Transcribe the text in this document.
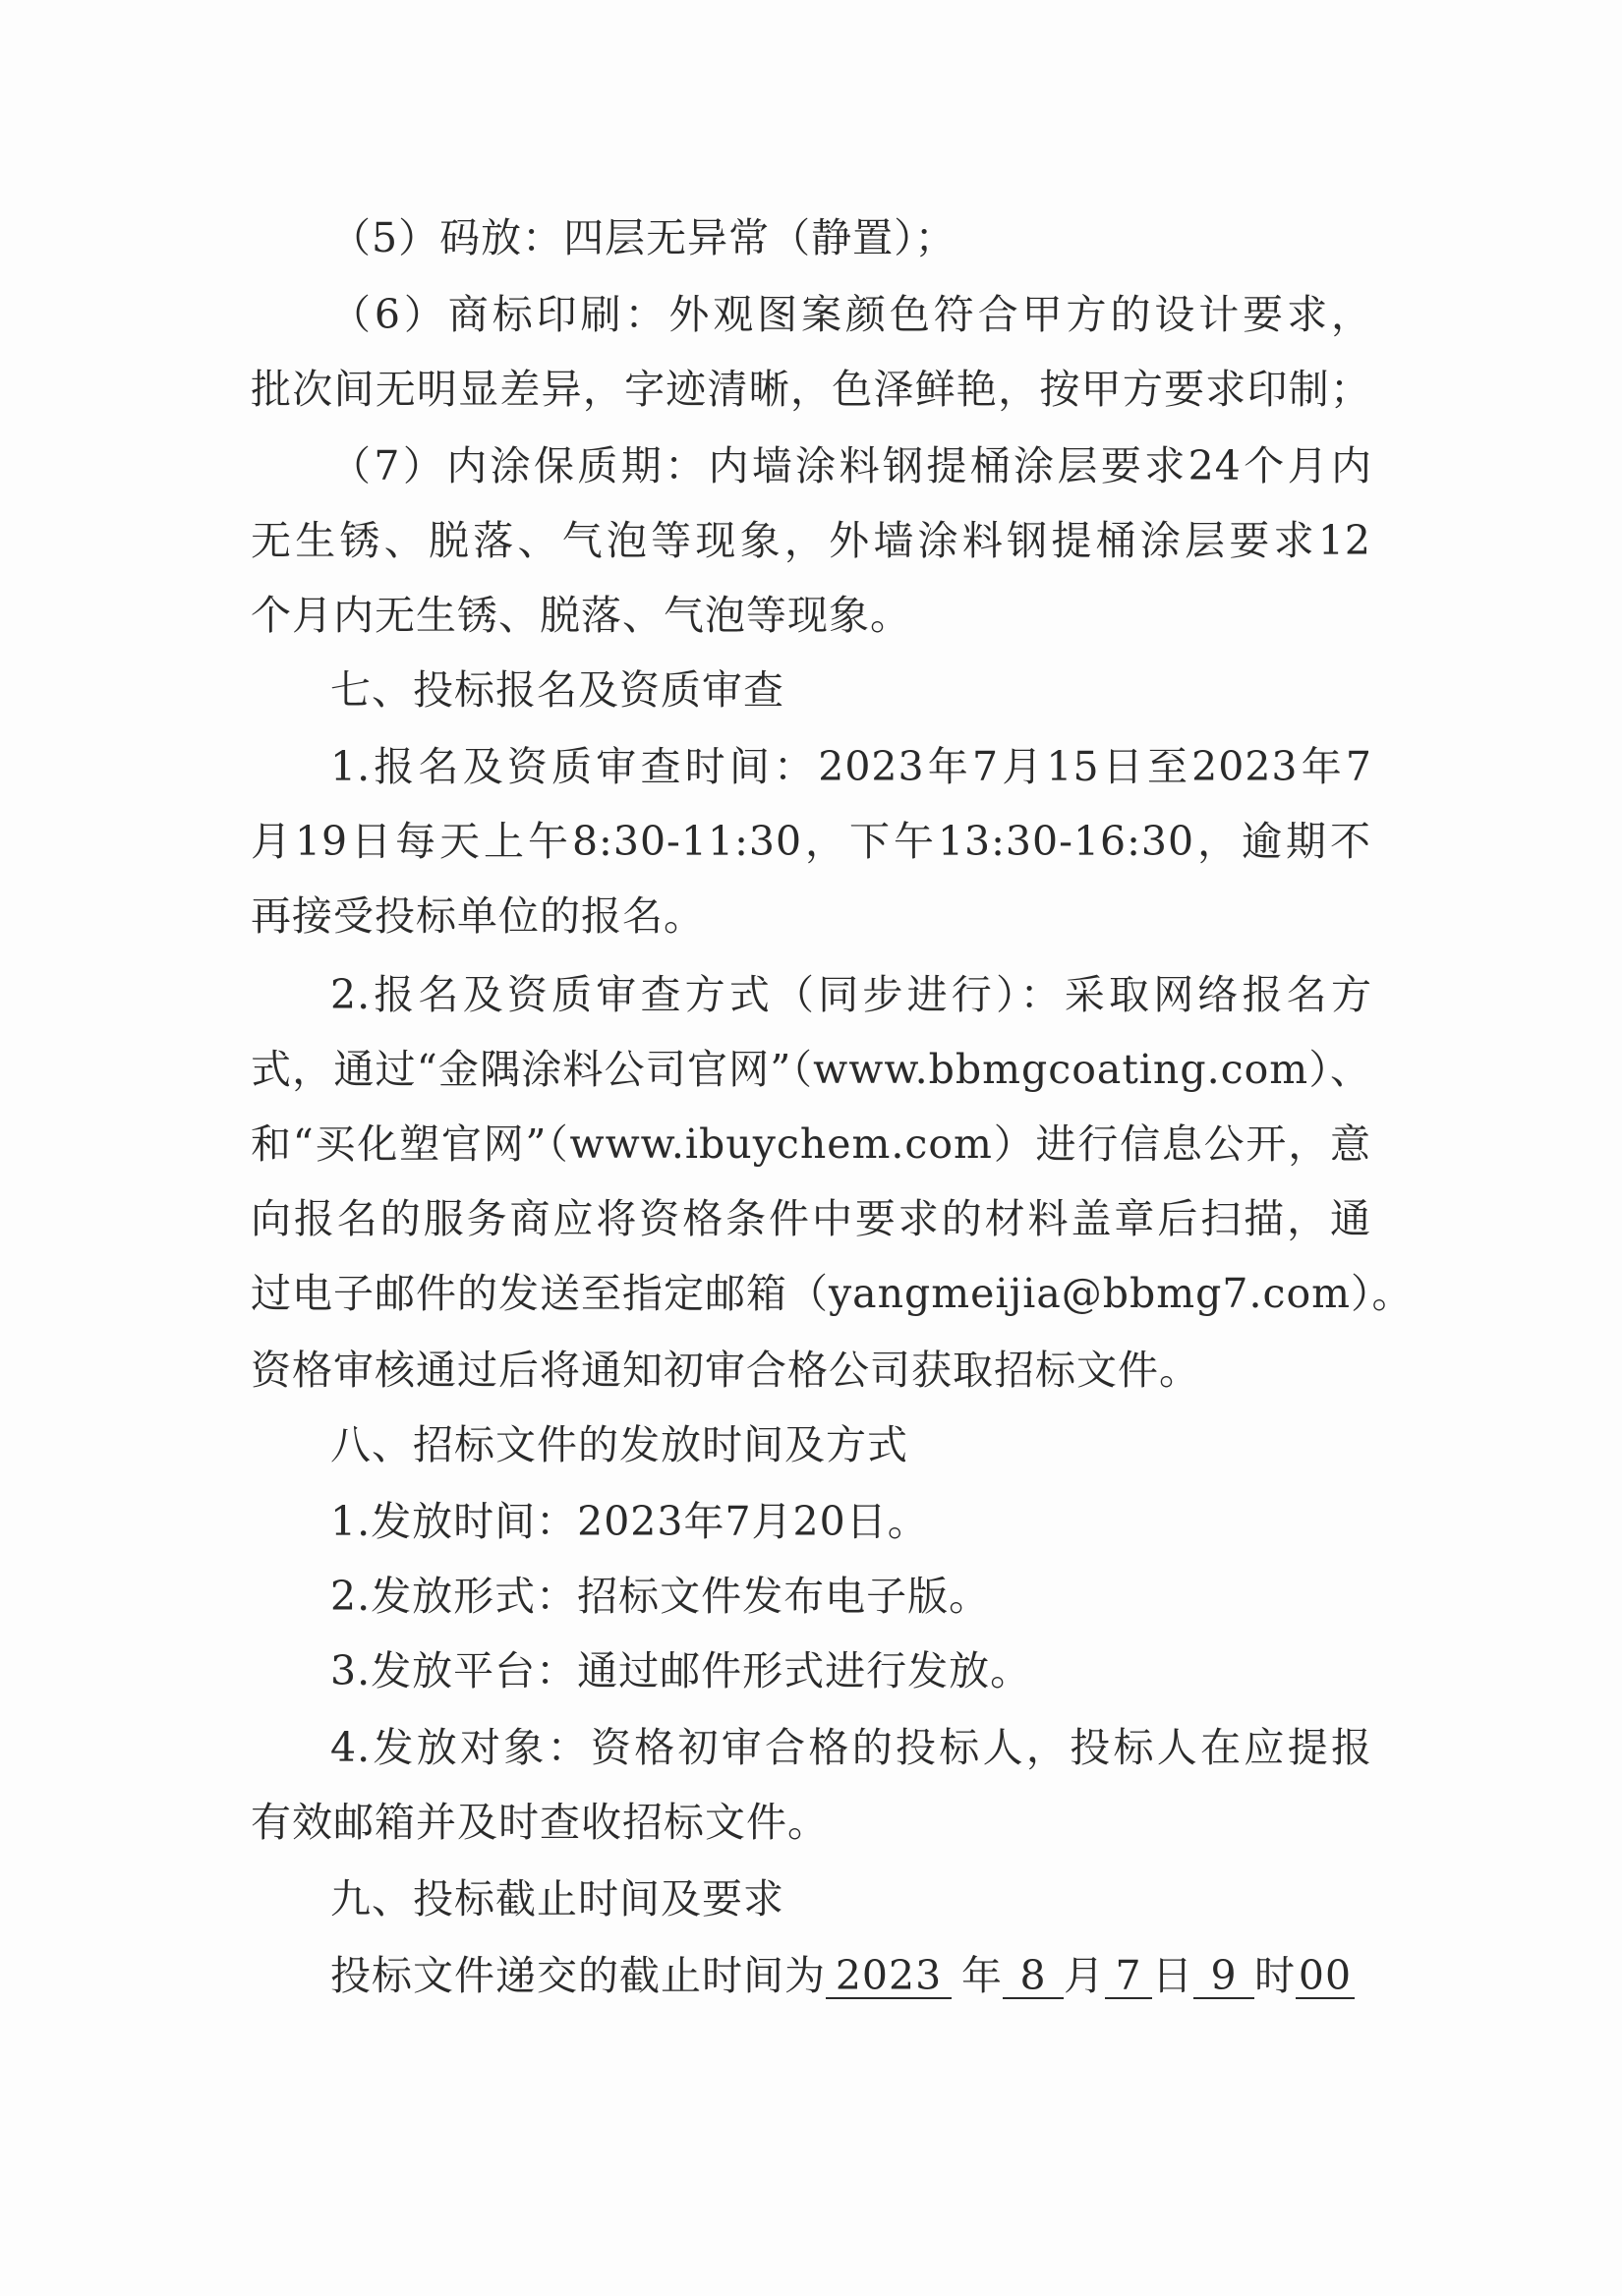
（5）码放：四层无异常（静置）；
（6）商标印刷：外观图案颜色符合甲方的设计要求，
批次间无明显差异，字迹清晰，色泽鲜艳，按甲方要求印制；
（7）内涂保质期：内墙涂料钢提桶涂层要求24个月内
无生锈、脱落、气泡等现象，外墙涂料钢提桶涂层要求12
个月内无生锈、脱落、气泡等现象。
七、投标报名及资质审查
1.报名及资质审查时间：2023年7月15日至2023年7
月19日每天上午8:30-11:30，下午13:30-16:30，逾期不
再接受投标单位的报名。
2.报名及资质审查方式（同步进行）：采取网络报名方
式，通过“金隅涂料公司官网”（www.bbmgcoating.com）、
和“买化塑官网”（www.ibuychem.com）进行信息公开，意
向报名的服务商应将资格条件中要求的材料盖章后扫描，通
过电子邮件的发送至指定邮箱（yangmeijia@bbmg7.com）。
资格审核通过后将通知初审合格公司获取招标文件。
八、招标文件的发放时间及方式
1.发放时间：2023年7月20日。
2.发放形式：招标文件发布电子版。
3.发放平台：通过邮件形式进行发放。
4.发放对象：资格初审合格的投标人，投标人在应提报
有效邮箱并及时查收招标文件。
九、投标截止时间及要求
投标文件递交的截止时间为 2023 年 8 月 7 日 9 时00
